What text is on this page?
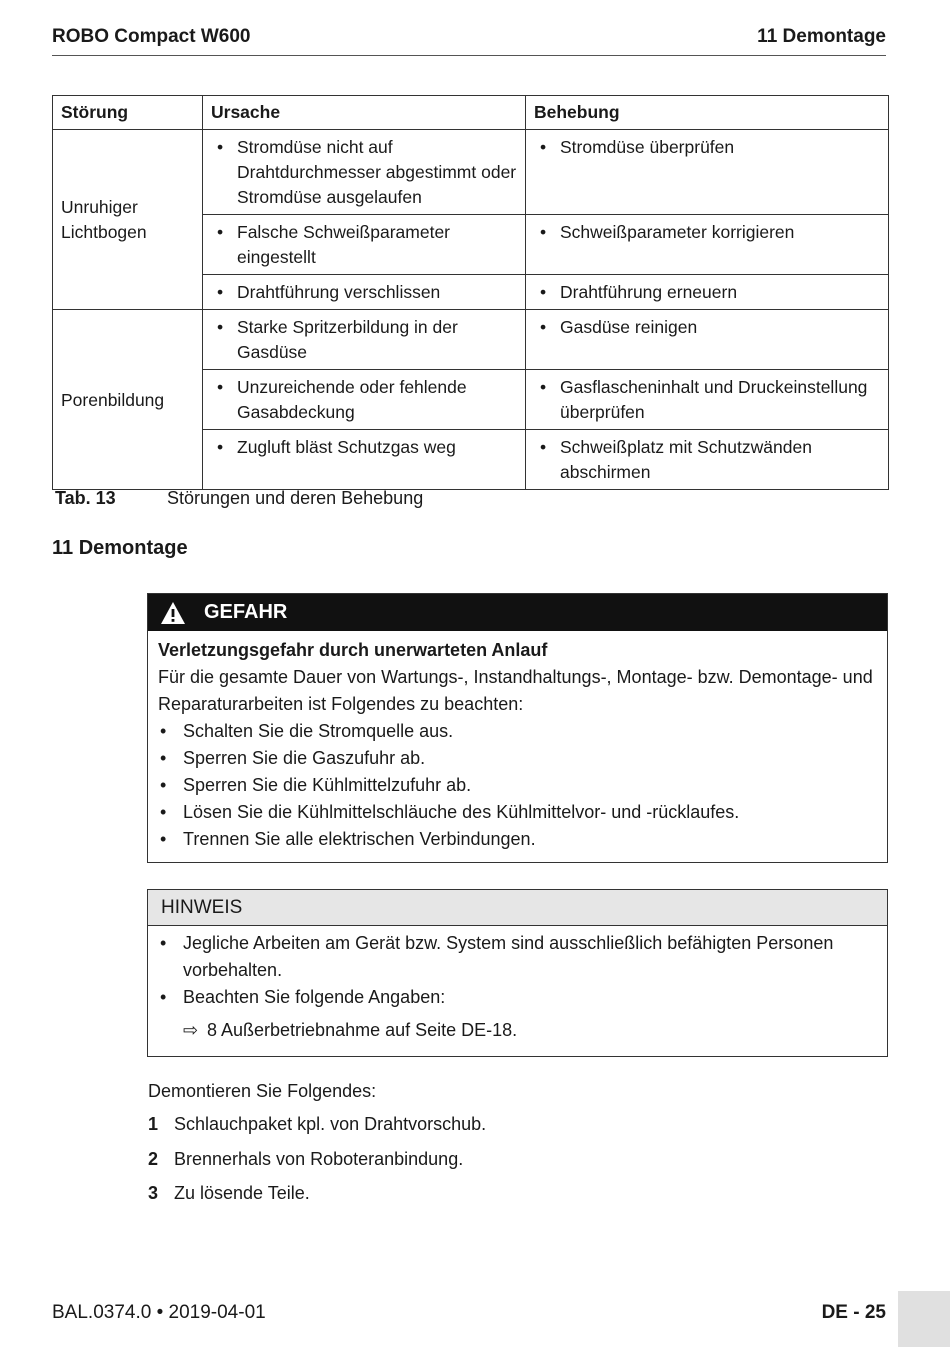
ROBO Compact W600	11 Demontage
Störung	Ursache	Behebung
Unruhiger Lichtbogen	• Stromdüse nicht auf Drahtdurchmesser abgestimmt oder Stromdüse ausgelaufen	• Stromdüse überprüfen

	• Falsche Schweißparameter eingestellt	• Schweißparameter korrigieren

	• Drahtführung verschlissen	• Drahtführung erneuern

Porenbildung	• Starke Spritzerbildung in der Gasdüse	• Gasdüse reinigen

	• Unzureichende oder fehlende Gasabdeckung	• Gasflascheninhalt und Druckeinstellung überprüfen

	• Zugluft bläst Schutzgas weg	• Schweißplatz mit Schutzwänden abschirmen
Tab. 13	Störungen und deren Behebung
11 Demontage
GEFAHR
Verletzungsgefahr durch unerwarteten Anlauf
Für die gesamte Dauer von Wartungs-, Instandhaltungs-, Montage- bzw. Demontage- und Reparaturarbeiten ist Folgendes zu beachten:
• Schalten Sie die Stromquelle aus.
• Sperren Sie die Gaszufuhr ab.
• Sperren Sie die Kühlmittelzufuhr ab.
• Lösen Sie die Kühlmittelschläuche des Kühlmittelvor- und -rücklaufes.
• Trennen Sie alle elektrischen Verbindungen.
HINWEIS
• Jegliche Arbeiten am Gerät bzw. System sind ausschließlich befähigten Personen vorbehalten.
• Beachten Sie folgende Angaben:
⇨ 8 Außerbetriebnahme auf Seite DE-18.
Demontieren Sie Folgendes:
1 Schlauchpaket kpl. von Drahtvorschub.
2 Brennerhals von Roboteranbindung.
3 Zu lösende Teile.
BAL.0374.0 • 2019-04-01	DE - 25
